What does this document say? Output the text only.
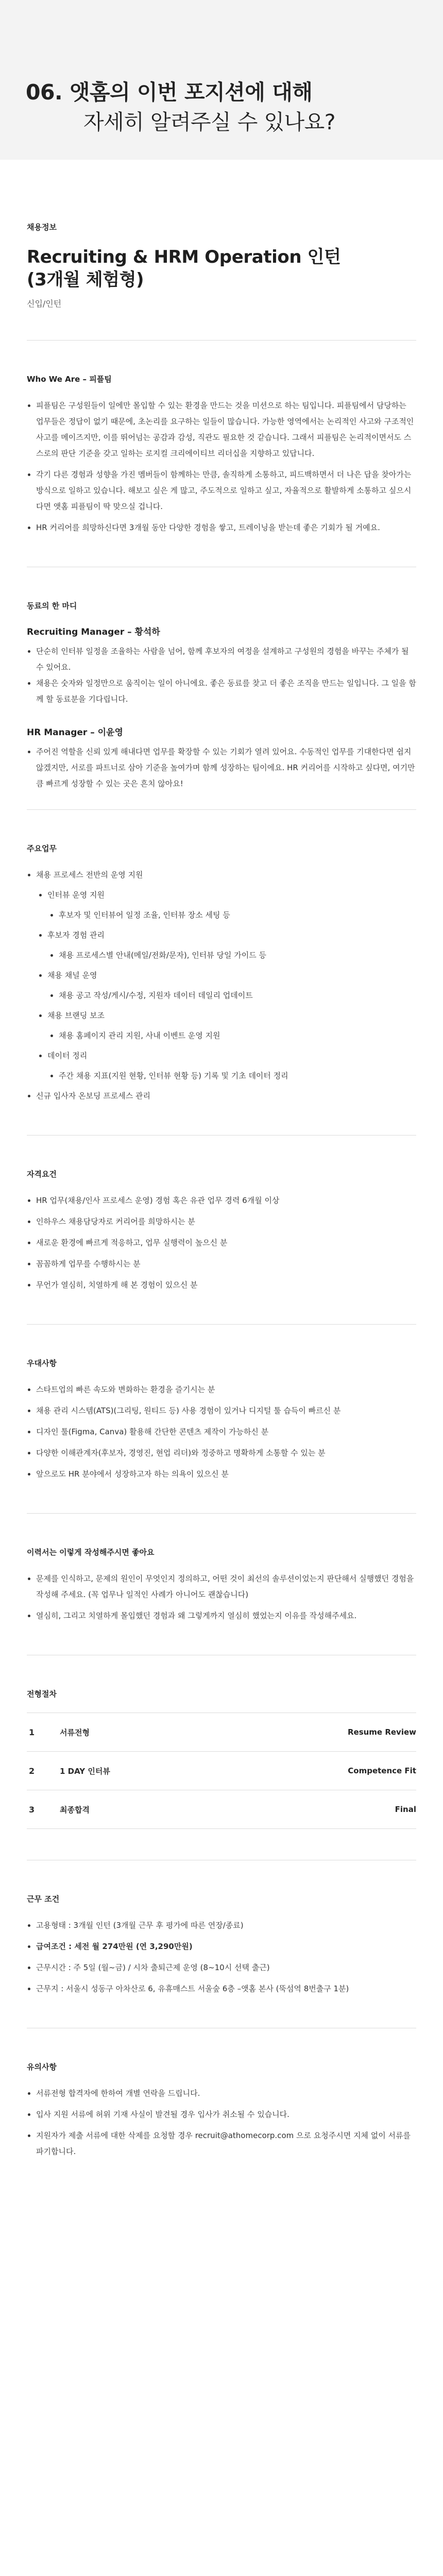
06. 앳홈의 이번 포지션에 대해
자세히 알려주실 수 있나요?

채용정보

Recruiting & HRM Operation 인턴
(3개월 체험형)
신입/인턴

Who We Are – 피플팀

피플팀은 구성원들이 일에만 몰입할 수 있는 환경을 만드는 것을 미션으로 하는 팀입니다. 피플팀에서 담당하는 업무들은 정답이 없기 때문에, 초논리를 요구하는 일들이 많습니다. 가능한 영역에서는 논리적인 사고와 구조적인 사고를 메이즈지만, 이를 뛰어넘는 공감과 감성, 직관도 필요한 것 같습니다. 그래서 피플팀은 논리적이면서도 스스로의 판단 기준을 갖고 일하는 로지컬 크리에이티브 리더십을 지향하고 있답니다.
각기 다른 경험과 성향을 가진 멤버들이 함께하는 만큼, 솔직하게 소통하고, 피드백하면서 더 나은 답을 찾아가는 방식으로 일하고 있습니다. 해보고 싶은 게 많고, 주도적으로 일하고 싶고, 자율적으로 활발하게 소통하고 싶으시다면 앳홈 피플팀이 딱 맞으실 겁니다.
HR 커리어를 희망하신다면 3개월 동안 다양한 경험을 쌓고, 트레이닝을 받는데 좋은 기회가 될 거예요.

동료의 한 마디

Recruiting Manager – 황석하

단순히 인터뷰 일정을 조율하는 사람을 넘어, 함께 후보자의 여정을 설계하고 구성원의 경험을 바꾸는 주체가 될 수 있어요.
채용은 숫자와 일정만으로 움직이는 일이 아니에요. 좋은 동료를 찾고 더 좋은 조직을 만드는 일입니다. 그 일을 함께 할 동료분을 기다립니다.

HR Manager – 이윤영

주어진 역할을 신뢰 있게 해내다면 업무를 확장할 수 있는 기회가 열려 있어요. 수동적인 업무를 기대한다면 쉽지 않겠지만, 서로를 파트너로 삼아 기준을 높여가며 함께 성장하는 팀이에요. HR 커리어를 시작하고 싶다면, 여기만큼 빠르게 성장할 수 있는 곳은 흔치 않아요!

주요업무

채용 프로세스 전반의 운영 지원
인터뷰 운영 지원
후보자 및 인터뷰어 일정 조율, 인터뷰 장소 세팅 등
후보자 경험 관리
채용 프로세스별 안내(메일/전화/문자), 인터뷰 당일 가이드 등
채용 채널 운영
채용 공고 작성/게시/수정, 지원자 데이터 데일리 업데이트
채용 브랜딩 보조
채용 홈페이지 관리 지원, 사내 이벤트 운영 지원
데이터 정리
주간 채용 지표(지원 현황, 인터뷰 현황 등) 기록 및 기초 데이터 정리
신규 입사자 온보딩 프로세스 관리

자격요건

HR 업무(채용/인사 프로세스 운영) 경험 혹은 유관 업무 경력 6개월 이상
인하우스 채용담당자로 커리어를 희망하시는 분
새로운 환경에 빠르게 적응하고, 업무 실행력이 높으신 분
꼼꼼하게 업무를 수행하시는 분
무언가 열심히, 치열하게 해 본 경험이 있으신 분

우대사항

스타트업의 빠른 속도와 변화하는 환경을 즐기시는 분
채용 관리 시스템(ATS)(그리팅, 원티드 등) 사용 경험이 있거나 디지털 툴 습득이 빠르신 분
디자인 툴(Figma, Canva) 활용해 간단한 콘텐츠 제작이 가능하신 분
다양한 이해관계자(후보자, 경영진, 현업 리더)와 정중하고 명확하게 소통할 수 있는 분
앞으로도 HR 분야에서 성장하고자 하는 의욕이 있으신 분

이력서는 이렇게 작성해주시면 좋아요

문제를 인식하고, 문제의 원인이 무엇인지 정의하고, 어떤 것이 최선의 솔루션이었는지 판단해서 실행했던 경험을 작성해 주세요. (꼭 업무나 일적인 사례가 아니어도 괜찮습니다)
열심히, 그리고 치열하게 몰입했던 경험과 왜 그렇게까지 열심히 했었는지 이유를 작성해주세요.

전형절차

1	서류전형	Resume Review
2	1 DAY 인터뷰	Competence Fit
3	최종합격	Final

근무 조건

고용형태 : 3개월 인턴 (3개월 근무 후 평가에 따른 연장/종료)
급여조건 : 세전 월 274만원 (연 3,290만원)
근무시간 : 주 5일 (월~금) / 시차 출퇴근제 운영 (8~10시 선택 출근)
근무지 : 서울시 성동구 아차산로 6, 유휴매스트 서울숲 6층 –앳홈 본사 (뚝섬역 8번출구 1분)

유의사항

서류전형 합격자에 한하여 개별 연락을 드립니다.
입사 지원 서류에 허위 기재 사실이 발견될 경우 입사가 취소될 수 있습니다.
지원자가 제출 서류에 대한 삭제를 요청할 경우 recruit@athomecorp.com 으로 요청주시면 지체 없이 서류를 파기합니다.
